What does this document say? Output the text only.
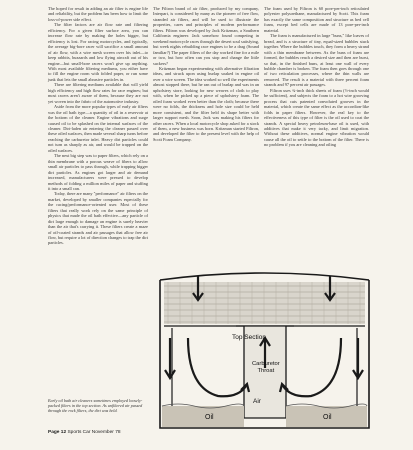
The hoped for result in adding an air filter is engine life and reliability, but the problem has been how to limit the loss-of-power side effect.

The filter factors are air flow rate and filtering efficiency. For a given filter surface area, you can increase flow rate by making the holes bigger, but efficiency is lost. For racing motorcycles, and typically, the average big-bore racer will sacrifice a small amount of air flow, with a wire mesh screen over his inlet—to keep rabbits, buzzards and low flying aircraft out of his engine—but small-bore racers won't give up anything. With most available filtering mediums, you either have to fill the engine room with folded paper, or run some junk that lets the small abrasive particles in.

There are filtering mediums available that will yield high efficiency and high flow rates for race engines; but most racers aren't aware of them, because they are not yet woven into the fabric of the automotive industry.

Aside from the more popular types of early air filters was the oil bath type—a quantity of oil in a reservoir at the bottom of the cleaner. Engine vibrations and surge caused oil to be splashed on the internal surfaces of the cleaner. Dirt-laden air entering the cleaner passed over these oiled surfaces, then made several sharp turns before reaching the carburetor inlet. Heavy dirt particles could not turn as sharply as air, and would be trapped on the oiled surfaces.

The next big step was to paper filters, which rely on a thin membrane with a porous weave of fibers to allow small air particles to pass through, while trapping bigger dirt particles. As engines got larger and air demand increased, manufacturers were pressed to develop methods of folding a million miles of paper and stuffing it into a small can.

Today, there are many "performance" air filters on the market, developed by smaller companies especially for the racing/performance-oriented user. Most of these filters that really work rely on the same principle of physics that made the oil bath effective—any particle of dirt large enough to damage an engine is surely heavier than the air that's carrying it. These filters create a maze of oil-coated strands and air passages that allow free air flow, but require a lot of direction changes to trap the dirt particles.

The Filtron brand of air filter, produced by my company, Interpart, is considered by many as the pioneer of free flow, stranded air filters, and will be used to illustrate the properties, cares and principles of modern performance filters. Filtron was developed by Jack Kritzman, a Southern California engineer. Jack somehow found competing in weekend motorcycle races through the desert soul satisfying, but week nights rebuilding race engines to be a drag (Sound familiar?) The paper filters of the day worked fine for a mile or two, but how often can you stop and change the little suckers?

Kritzman began experimenting with alternative filtration ideas, and struck upon using burlap soaked in engine oil over a wire screen. The idea worked so well the experiments almost stopped there, but he ran out of burlap and was in an upholstery store, looking for new weaves of cloth to play with, when he picked up a piece of upholstery foam. The oiled foam worked even better than the cloth; because there were no folds, the thickness and hole size could be held more consistent, and the filter held its shape better with larger support mesh. Soon, Jack was making his filters for other racers. When a local motorcycle shop asked for a stock of them, a new business was born. Kritzman started Filtron, and developed the filter to the present level with the help of Scott Foam Company.

The foam used by Filtron is 60 pore-per-inch reticulated polyester polyurethane, manufactured by Scott. This foam has exactly the same composition and structure as bed cell foam, except bed cells are made of 13 pore-per-inch material.

The foam is manufactured in large "buns," like loaves of bread, and is a structure of tiny, equal-sized bubbles stuck together. Where the bubbles touch, they form a heavy strand with a thin membrane between. As the buns of foam are formed, the bubbles reach a desired size and then are burst, so that, in the finished buns, at least one wall of every bubble chamber is broken. The foam then goes through one of two reticulation processes, where the thin walls are removed. The result is a material with three percent foam strands and 97 percent air passages.

Filtron uses ¾-inch thick sheets of foam (½-inch would be sufficient), and subjects the foam to a hot wire grooving process that cuts patented convoluted grooves in the material, which create the same effect as the accordion-like folds in paper filters. However, the real key to the effectiveness of this type of filter is the oil used to coat the strands. A special heavy petroleum-base oil is used, with additives that make it very tacky, and limit migration. Without these additives, normal engine vibration would cause all the oil to settle to the bottom of the filter. There is no problem if you are cleaning and oiling

Early oil bath air cleaners sometimes employed loosely-packed filters in the top section. As unfiltered air passed through the rock filters, the dirt was held.
Page 12 Sports Car November 78
Top Section
Carburetor
Throat
Air
Oil	Oil
